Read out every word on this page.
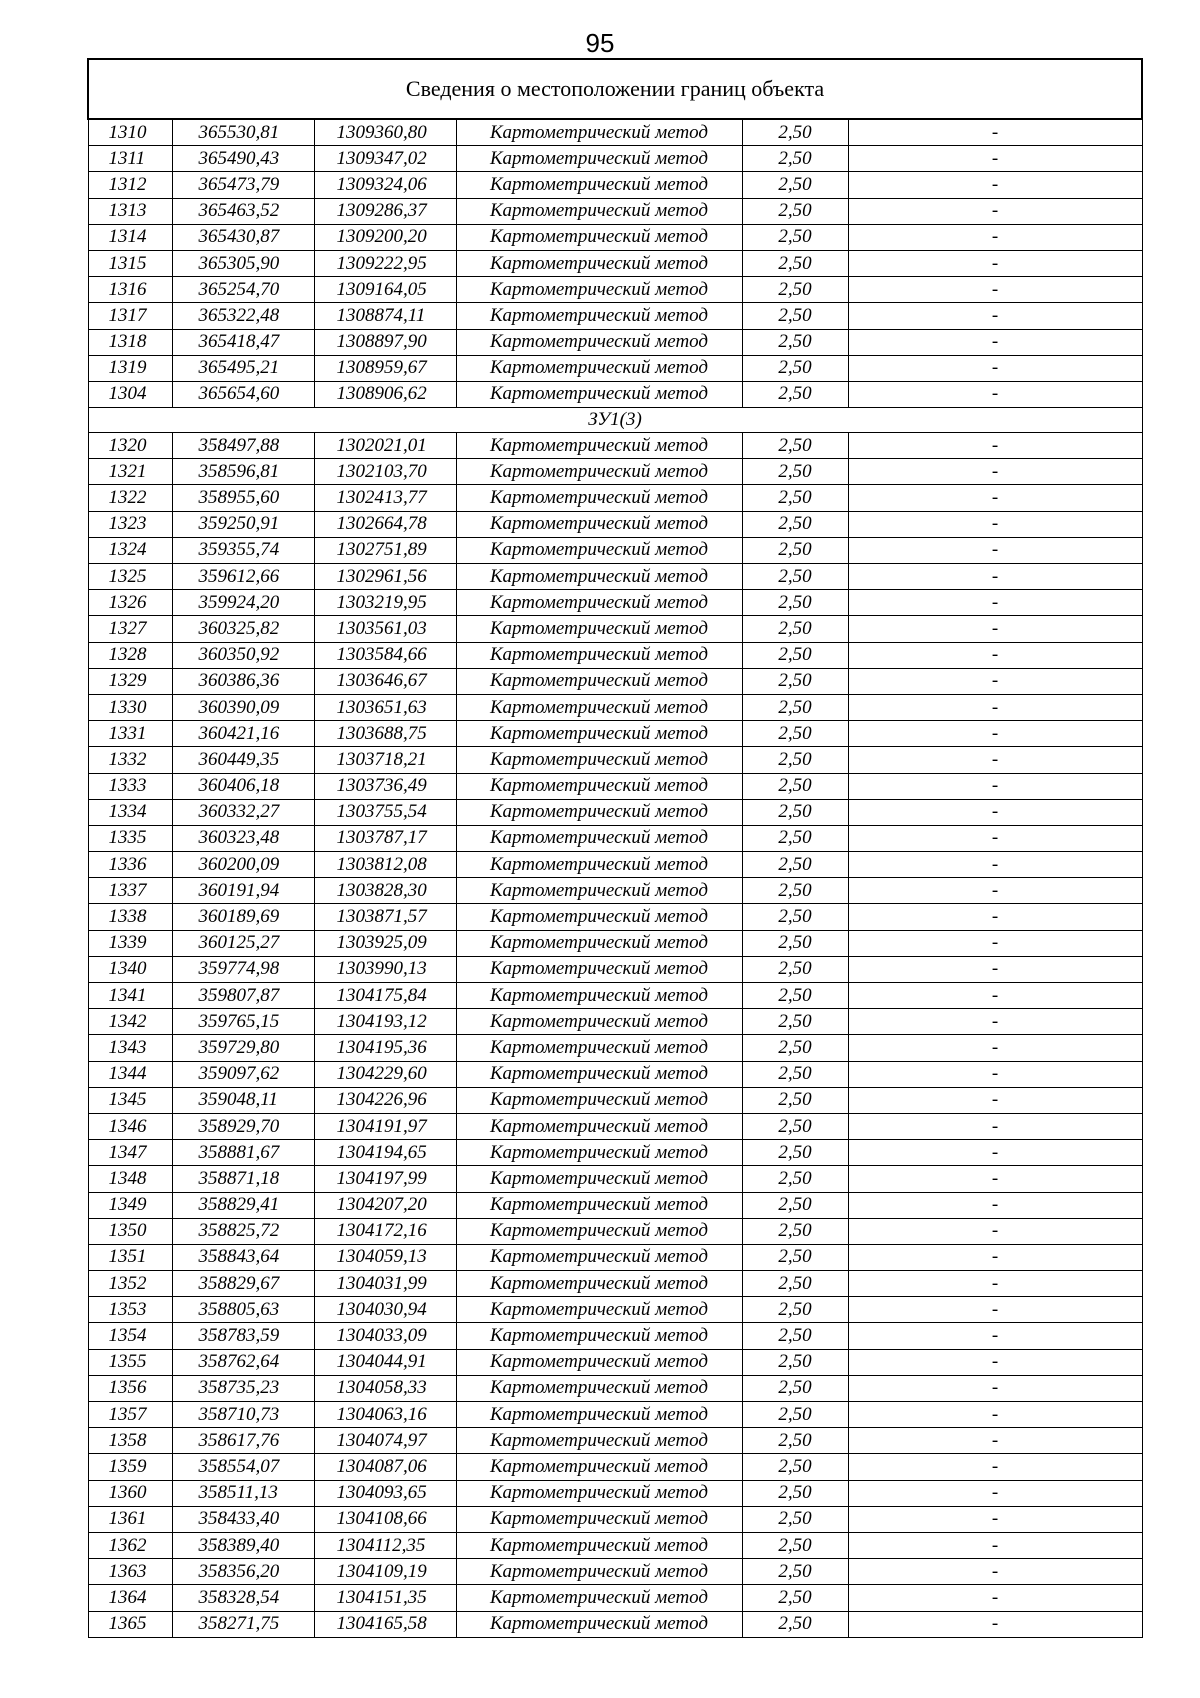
95
Сведения о местоположении границ объекта					
1310	365530,81	1309360,80	Картометрический метод	2,50	-
1311	365490,43	1309347,02	Картометрический метод	2,50	-
1312	365473,79	1309324,06	Картометрический метод	2,50	-
1313	365463,52	1309286,37	Картометрический метод	2,50	-
1314	365430,87	1309200,20	Картометрический метод	2,50	-
1315	365305,90	1309222,95	Картометрический метод	2,50	-
1316	365254,70	1309164,05	Картометрический метод	2,50	-
1317	365322,48	1308874,11	Картометрический метод	2,50	-
1318	365418,47	1308897,90	Картометрический метод	2,50	-
1319	365495,21	1308959,67	Картометрический метод	2,50	-
1304	365654,60	1308906,62	Картометрический метод	2,50	-
ЗУ1(3)					
1320	358497,88	1302021,01	Картометрический метод	2,50	-
1321	358596,81	1302103,70	Картометрический метод	2,50	-
1322	358955,60	1302413,77	Картометрический метод	2,50	-
1323	359250,91	1302664,78	Картометрический метод	2,50	-
1324	359355,74	1302751,89	Картометрический метод	2,50	-
1325	359612,66	1302961,56	Картометрический метод	2,50	-
1326	359924,20	1303219,95	Картометрический метод	2,50	-
1327	360325,82	1303561,03	Картометрический метод	2,50	-
1328	360350,92	1303584,66	Картометрический метод	2,50	-
1329	360386,36	1303646,67	Картометрический метод	2,50	-
1330	360390,09	1303651,63	Картометрический метод	2,50	-
1331	360421,16	1303688,75	Картометрический метод	2,50	-
1332	360449,35	1303718,21	Картометрический метод	2,50	-
1333	360406,18	1303736,49	Картометрический метод	2,50	-
1334	360332,27	1303755,54	Картометрический метод	2,50	-
1335	360323,48	1303787,17	Картометрический метод	2,50	-
1336	360200,09	1303812,08	Картометрический метод	2,50	-
1337	360191,94	1303828,30	Картометрический метод	2,50	-
1338	360189,69	1303871,57	Картометрический метод	2,50	-
1339	360125,27	1303925,09	Картометрический метод	2,50	-
1340	359774,98	1303990,13	Картометрический метод	2,50	-
1341	359807,87	1304175,84	Картометрический метод	2,50	-
1342	359765,15	1304193,12	Картометрический метод	2,50	-
1343	359729,80	1304195,36	Картометрический метод	2,50	-
1344	359097,62	1304229,60	Картометрический метод	2,50	-
1345	359048,11	1304226,96	Картометрический метод	2,50	-
1346	358929,70	1304191,97	Картометрический метод	2,50	-
1347	358881,67	1304194,65	Картометрический метод	2,50	-
1348	358871,18	1304197,99	Картометрический метод	2,50	-
1349	358829,41	1304207,20	Картометрический метод	2,50	-
1350	358825,72	1304172,16	Картометрический метод	2,50	-
1351	358843,64	1304059,13	Картометрический метод	2,50	-
1352	358829,67	1304031,99	Картометрический метод	2,50	-
1353	358805,63	1304030,94	Картометрический метод	2,50	-
1354	358783,59	1304033,09	Картометрический метод	2,50	-
1355	358762,64	1304044,91	Картометрический метод	2,50	-
1356	358735,23	1304058,33	Картометрический метод	2,50	-
1357	358710,73	1304063,16	Картометрический метод	2,50	-
1358	358617,76	1304074,97	Картометрический метод	2,50	-
1359	358554,07	1304087,06	Картометрический метод	2,50	-
1360	358511,13	1304093,65	Картометрический метод	2,50	-
1361	358433,40	1304108,66	Картометрический метод	2,50	-
1362	358389,40	1304112,35	Картометрический метод	2,50	-
1363	358356,20	1304109,19	Картометрический метод	2,50	-
1364	358328,54	1304151,35	Картометрический метод	2,50	-
1365	358271,75	1304165,58	Картометрический метод	2,50	-
